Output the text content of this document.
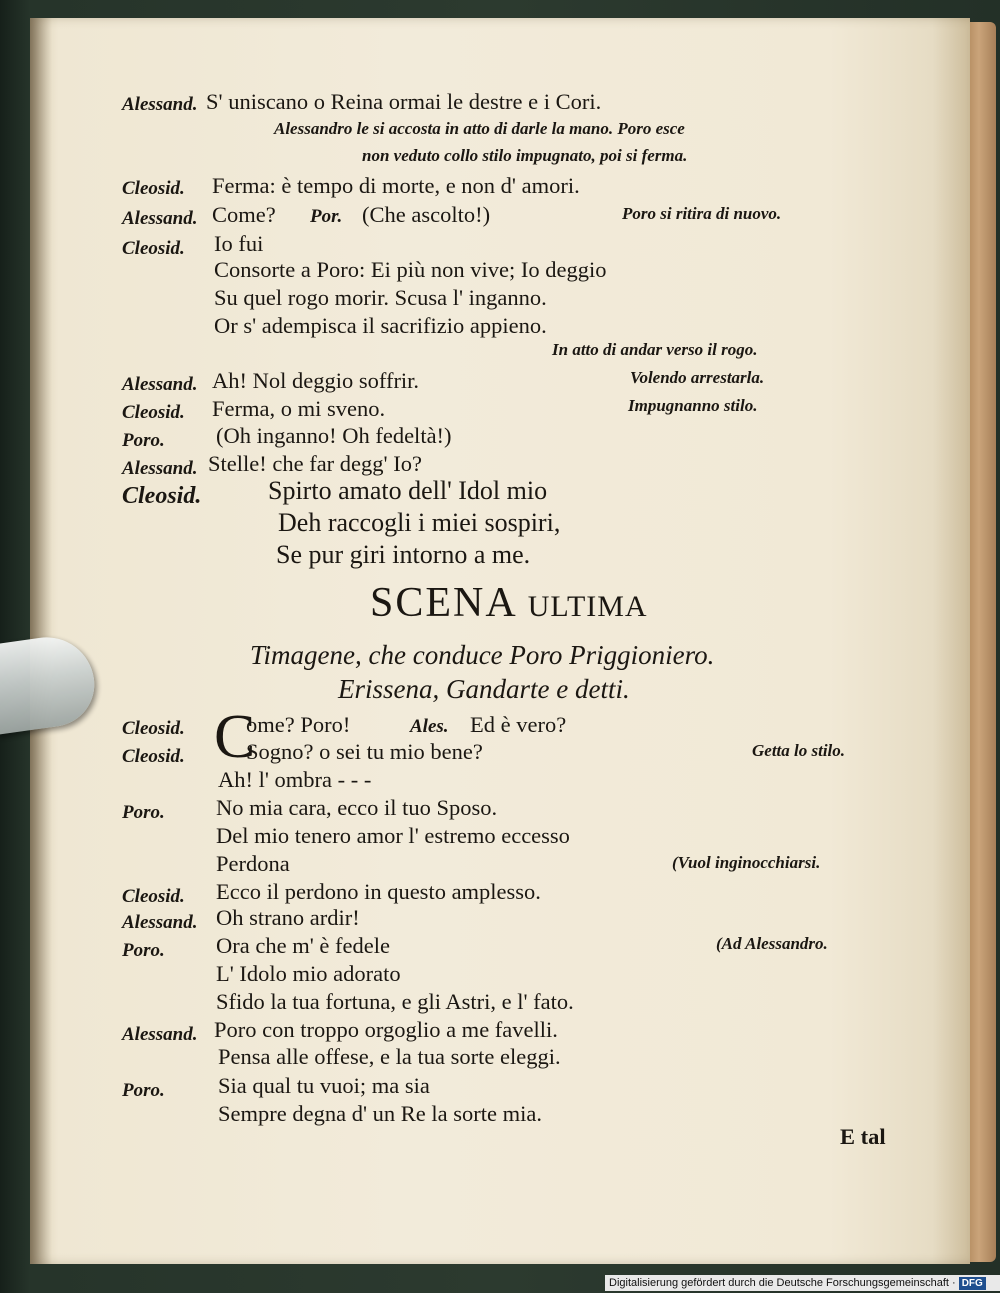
Alessand. S' uniscano o Reina ormai le destre e i Cori.
Alessandro le si accosta in atto di darle la mano. Poro esce
non veduto collo stilo impugnato, poi si ferma.
Cleosid. Ferma: è tempo di morte, e non d' amori.
Alessand. Come? Por. (Che ascolto!)	Poro si ritira di nuovo.
Cleosid. Io fui
Consorte a Poro: Ei più non vive; Io deggio
Su quel rogo morir. Scusa l' inganno.
Or s' adempisca il sacrifizio appieno.
In atto di andar verso il rogo.
Alessand. Ah! Nol deggio soffrir.	Volendo arrestarla.
Cleosid. Ferma, o mi sveno.	Impugnanno stilo.
Poro. (Oh inganno! Oh fedeltà!)
Alessand. Stelle! che far degg' Io?
Cleosid.	Spirto amato dell' Idol mio
Deh raccogli i miei sospiri,
Se pur giri intorno a me.
SCENA ULTIMA
Timagene, che conduce Poro Priggioniero.
Erissena, Gandarte e detti.
Cleosid. C
ome? Poro!	Ales. Ed è vero?
Cleosid.	Sogno? o sei tu mio bene?	Getta lo stilo.
Ah! l' ombra - - -
Poro. No mia cara, ecco il tuo Sposo.
Del mio tenero amor l' estremo eccesso
Perdona	(Vuol inginocchiarsi.
Cleosid. Ecco il perdono in questo amplesso.
Alessand. Oh strano ardir!
Poro. Ora che m' è fedele	(Ad Alessandro.
L' Idolo mio adorato
Sfido la tua fortuna, e gli Astri, e l' fato.
Alessand. Poro con troppo orgoglio a me favelli.
Pensa alle offese, e la tua sorte eleggi.
Poro. Sia qual tu vuoi; ma sia
Sempre degna d' un Re la sorte mia.
E tal
Digitalisierung gefördert durch die Deutsche Forschungsgemeinschaft · DFG
